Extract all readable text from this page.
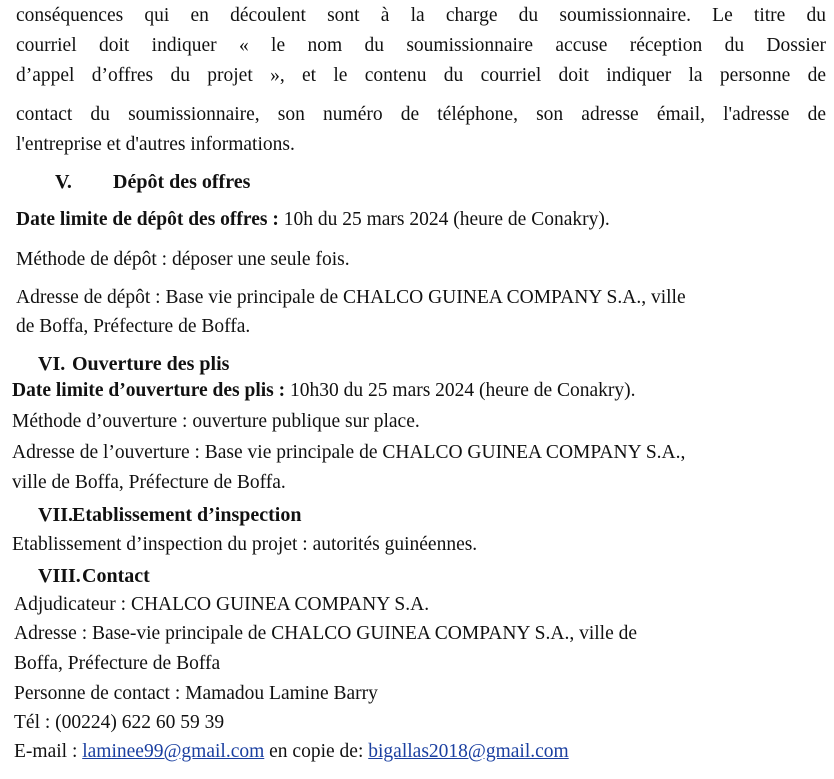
conséquences qui en découlent sont à la charge du soumissionnaire. Le titre du
courriel doit indiquer « le nom du soumissionnaire accuse réception du Dossier
d’appel d’offres du projet », et le contenu du courriel doit indiquer la personne de
contact du soumissionnaire, son numéro de téléphone, son adresse émail, l'adresse de
l'entreprise et d'autres informations.
V. Dépôt des offres
Date limite de dépôt des offres : 10h du 25 mars 2024 (heure de Conakry).
Méthode de dépôt : déposer une seule fois.
Adresse de dépôt : Base vie principale de CHALCO GUINEA COMPANY S.A., ville
de Boffa, Préfecture de Boffa.
VI. Ouverture des plis
Date limite d’ouverture des plis : 10h30 du 25 mars 2024 (heure de Conakry).
Méthode d’ouverture : ouverture publique sur place.
Adresse de l’ouverture : Base vie principale de CHALCO GUINEA COMPANY S.A.,
ville de Boffa, Préfecture de Boffa.
VII.Etablissement d’inspection
Etablissement d’inspection du projet : autorités guinéennes.
VIII.Contact
Adjudicateur : CHALCO GUINEA COMPANY S.A.
Adresse : Base-vie principale de CHALCO GUINEA COMPANY S.A., ville de
Boffa, Préfecture de Boffa
Personne de contact : Mamadou Lamine Barry
Tél : (00224) 622 60 59 39
E-mail : laminee99@gmail.com en copie de: bigallas2018@gmail.com
